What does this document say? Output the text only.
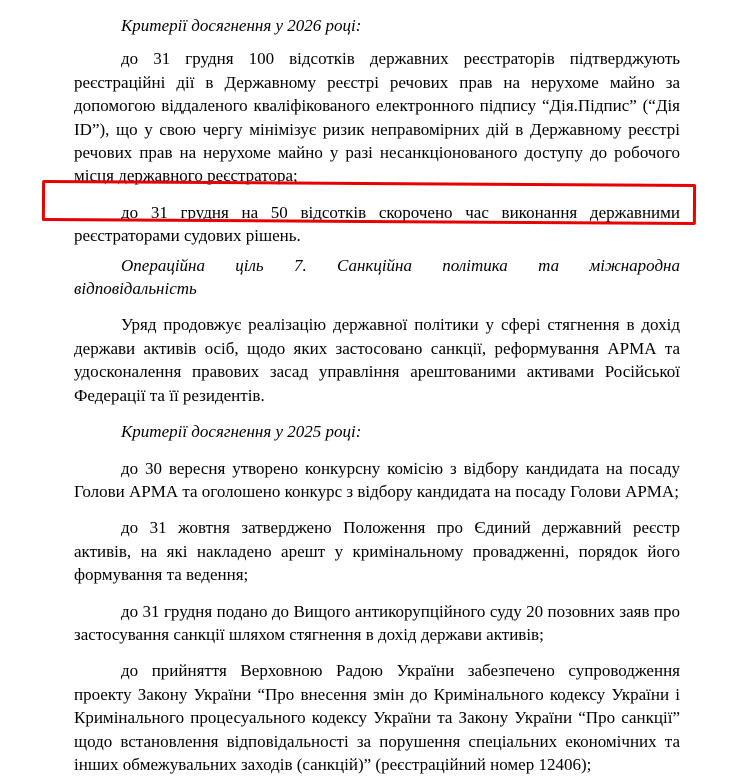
Критерії досягнення у 2026 році:

до 31 грудня 100 відсотків державних реєстраторів підтверджують реєстраційні дії в Державному реєстрі речових прав на нерухоме майно за допомогою віддаленого кваліфікованого електронного підпису “Дія.Підпис” (“Дія ID”), що у свою чергу мінімізує ризик неправомірних дій в Державному реєстрі речових прав на нерухоме майно у разі несанкціонованого доступу до робочого місця державного реєстратора;

до 31 грудня на 50 відсотків скорочено час виконання державними реєстраторами судових рішень.

Операційна ціль 7. Санкційна політика та міжнародна

відповідальність

Уряд продовжує реалізацію державної політики у сфері стягнення в дохід держави активів осіб, щодо яких застосовано санкції, реформування АРМА та удосконалення правових засад управління арештованими активами Російської Федерації та її резидентів.

Критерії досягнення у 2025 році:

до 30 вересня утворено конкурсну комісію з відбору кандидата на посаду Голови АРМА та оголошено конкурс з відбору кандидата на посаду Голови АРМА;

до 31 жовтня затверджено Положення про Єдиний державний реєстр активів, на які накладено арешт у кримінальному провадженні, порядок його формування та ведення;

до 31 грудня подано до Вищого антикорупційного суду 20 позовних заяв про застосування санкції шляхом стягнення в дохід держави активів;

до прийняття Верховною Радою України забезпечено супроводження проекту Закону України “Про внесення змін до Кримінального кодексу України і Кримінального процесуального кодексу України та Закону України “Про санкції” щодо встановлення відповідальності за порушення спеціальних економічних та інших обмежувальних заходів (санкцій)” (реєстраційний номер 12406);
